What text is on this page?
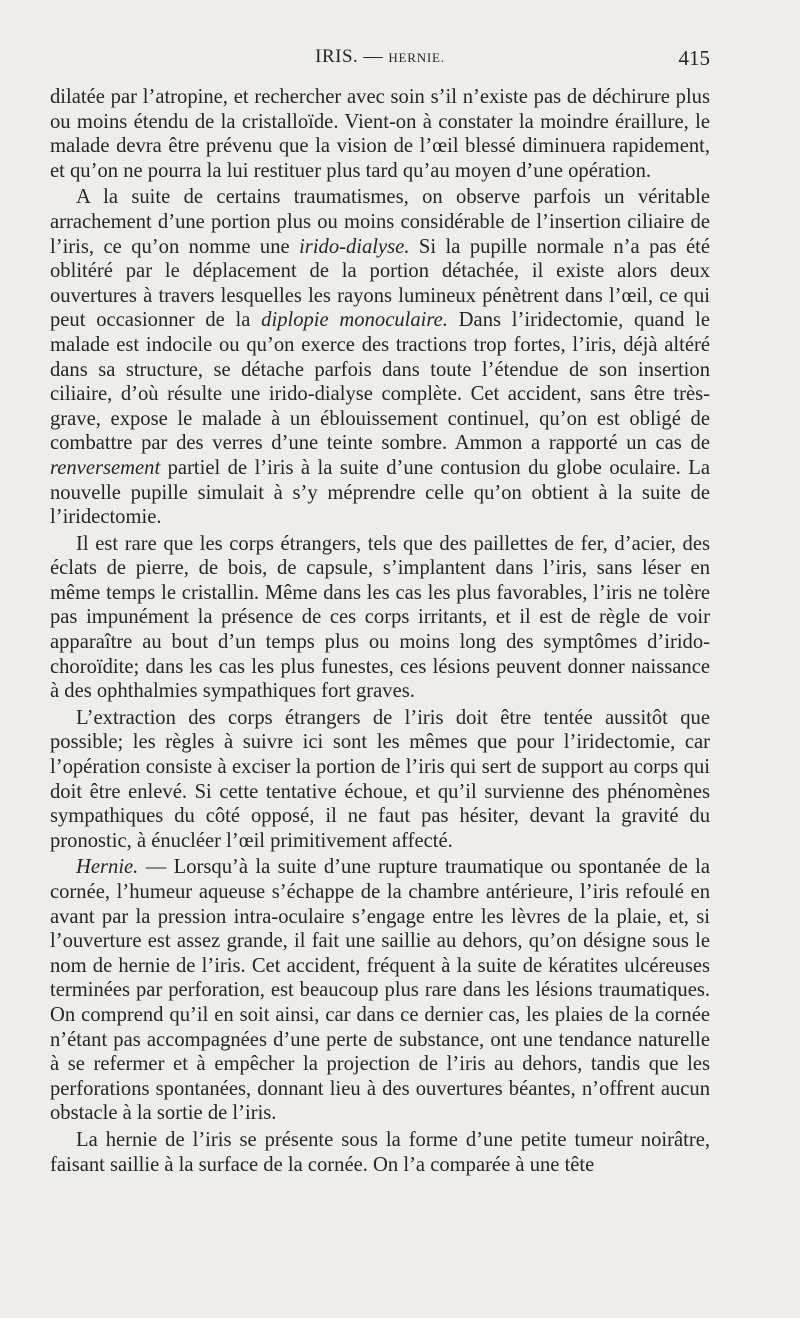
IRIS. — HERNIE.	415

dilatée par l’atropine, et rechercher avec soin s’il n’existe pas de déchirure plus ou moins étendu de la cristalloïde. Vient-on à constater la moindre éraillure, le malade devra être prévenu que la vision de l’œil blessé diminuera rapidement, et qu’on ne pourra la lui restituer plus tard qu’au moyen d’une opération.

A la suite de certains traumatismes, on observe parfois un véritable arrachement d’une portion plus ou moins considérable de l’insertion ciliaire de l’iris, ce qu’on nomme une irido-dialyse. Si la pupille normale n’a pas été oblitéré par le déplacement de la portion détachée, il existe alors deux ouvertures à travers lesquelles les rayons lumineux pénètrent dans l’œil, ce qui peut occasionner de la diplopie monoculaire. Dans l’iridectomie, quand le malade est indocile ou qu’on exerce des tractions trop fortes, l’iris, déjà altéré dans sa structure, se détache parfois dans toute l’étendue de son insertion ciliaire, d’où résulte une irido-dialyse complète. Cet accident, sans être très-grave, expose le malade à un éblouissement continuel, qu’on est obligé de combattre par des verres d’une teinte sombre. Ammon a rapporté un cas de renversement partiel de l’iris à la suite d’une contusion du globe oculaire. La nouvelle pupille simulait à s’y méprendre celle qu’on obtient à la suite de l’iridectomie.

Il est rare que les corps étrangers, tels que des paillettes de fer, d’acier, des éclats de pierre, de bois, de capsule, s’implantent dans l’iris, sans léser en même temps le cristallin. Même dans les cas les plus favorables, l’iris ne tolère pas impunément la présence de ces corps irritants, et il est de règle de voir apparaître au bout d’un temps plus ou moins long des symptômes d’irido-choroïdite; dans les cas les plus funestes, ces lésions peuvent donner naissance à des ophthalmies sympathiques fort graves.

L’extraction des corps étrangers de l’iris doit être tentée aussitôt que possible; les règles à suivre ici sont les mêmes que pour l’iridectomie, car l’opération consiste à exciser la portion de l’iris qui sert de support au corps qui doit être enlevé. Si cette tentative échoue, et qu’il survienne des phénomènes sympathiques du côté opposé, il ne faut pas hésiter, devant la gravité du pronostic, à énucléer l’œil primitivement affecté.

Hernie. — Lorsqu’à la suite d’une rupture traumatique ou spontanée de la cornée, l’humeur aqueuse s’échappe de la chambre antérieure, l’iris refoulé en avant par la pression intra-oculaire s’engage entre les lèvres de la plaie, et, si l’ouverture est assez grande, il fait une saillie au dehors, qu’on désigne sous le nom de hernie de l’iris. Cet accident, fréquent à la suite de kératites ulcéreuses terminées par perforation, est beaucoup plus rare dans les lésions traumatiques. On comprend qu’il en soit ainsi, car dans ce dernier cas, les plaies de la cornée n’étant pas accompagnées d’une perte de substance, ont une tendance naturelle à se refermer et à empêcher la projection de l’iris au dehors, tandis que les perforations spontanées, donnant lieu à des ouvertures béantes, n’offrent aucun obstacle à la sortie de l’iris.

La hernie de l’iris se présente sous la forme d’une petite tumeur noirâtre, faisant saillie à la surface de la cornée. On l’a comparée à une tête
